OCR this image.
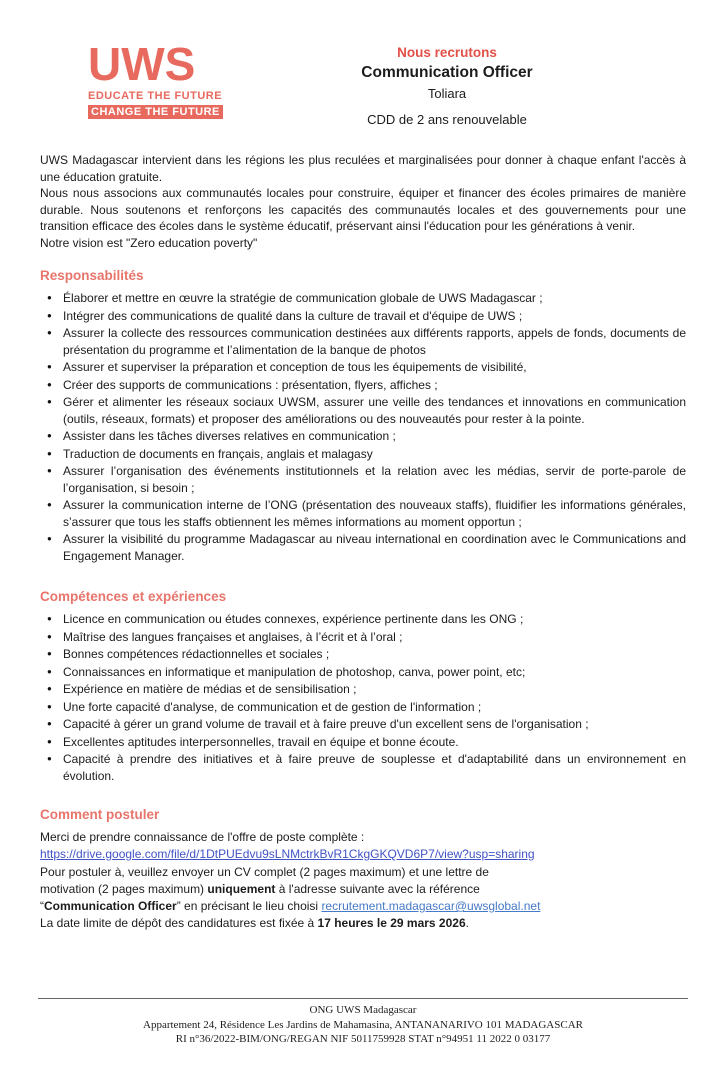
UWS
EDUCATE THE FUTURE
CHANGE THE FUTURE
Nous recrutons
Communication Officer
Toliara
CDD de 2 ans renouvelable

UWS Madagascar intervient dans les régions les plus reculées et marginalisées pour donner à chaque enfant l'accès à une éducation gratuite.

Nous nous associons aux communautés locales pour construire, équiper et financer des écoles primaires de manière durable. Nous soutenons et renforçons les capacités des communautés locales et des gouvernements pour une transition efficace des écoles dans le système éducatif, préservant ainsi l'éducation pour les générations à venir.

Notre vision est "Zero education poverty"

Responsabilités
● Élaborer et mettre en œuvre la stratégie de communication globale de UWS Madagascar ;
● Intégrer des communications de qualité dans la culture de travail et d'équipe de UWS ;
● Assurer la collecte des ressources communication destinées aux différents rapports, appels de fonds, documents de présentation du programme et l’alimentation de la banque de photos
● Assurer et superviser la préparation et conception de tous les équipements de visibilité,
● Créer des supports de communications : présentation, flyers, affiches ;
● Gérer et alimenter les réseaux sociaux UWSM, assurer une veille des tendances et innovations en communication (outils, réseaux, formats) et proposer des améliorations ou des nouveautés pour rester à la pointe.
● Assister dans les tâches diverses relatives en communication ;
● Traduction de documents en français, anglais et malagasy
● Assurer l’organisation des événements institutionnels et la relation avec les médias, servir de porte-parole de l’organisation, si besoin ;
● Assurer la communication interne de l’ONG (présentation des nouveaux staffs), fluidifier les informations générales, s’assurer que tous les staffs obtiennent les mêmes informations au moment opportun ;
● Assurer la visibilité du programme Madagascar au niveau international en coordination avec le Communications and Engagement Manager.
Compétences et expériences
● Licence en communication ou études connexes, expérience pertinente dans les ONG ;
● Maîtrise des langues françaises et anglaises, à l’écrit et à l’oral ;
● Bonnes compétences rédactionnelles et sociales ;
● Connaissances en informatique et manipulation de photoshop, canva, power point, etc;
● Expérience en matière de médias et de sensibilisation ;
● Une forte capacité d'analyse, de communication et de gestion de l'information ;
● Capacité à gérer un grand volume de travail et à faire preuve d'un excellent sens de l'organisation ;
● Excellentes aptitudes interpersonnelles, travail en équipe et bonne écoute.
● Capacité à prendre des initiatives et à faire preuve de souplesse et d'adaptabilité dans un environnement en évolution.
Comment postuler

Merci de prendre connaissance de l'offre de poste complète :

https://drive.google.com/file/d/1DtPUEdvu9sLNMctrkBvR1CkgGKQVD6P7/view?usp=sharing

Pour postuler à, veuillez envoyer un CV complet (2 pages maximum) et une lettre de
motivation (2 pages maximum) uniquement à l'adresse suivante avec la référence
“Communication Officer” en précisant le lieu choisi recrutement.madagascar@uwsglobal.net
La date limite de dépôt des candidatures est fixée à 17 heures le 29 mars 2026.

ONG UWS Madagascar
Appartement 24, Résidence Les Jardins de Mahamasina, ANTANANARIVO 101 MADAGASCAR
RI n°36/2022-BIM/ONG/REGAN NIF 5011759928 STAT n°94951 11 2022 0 03177
